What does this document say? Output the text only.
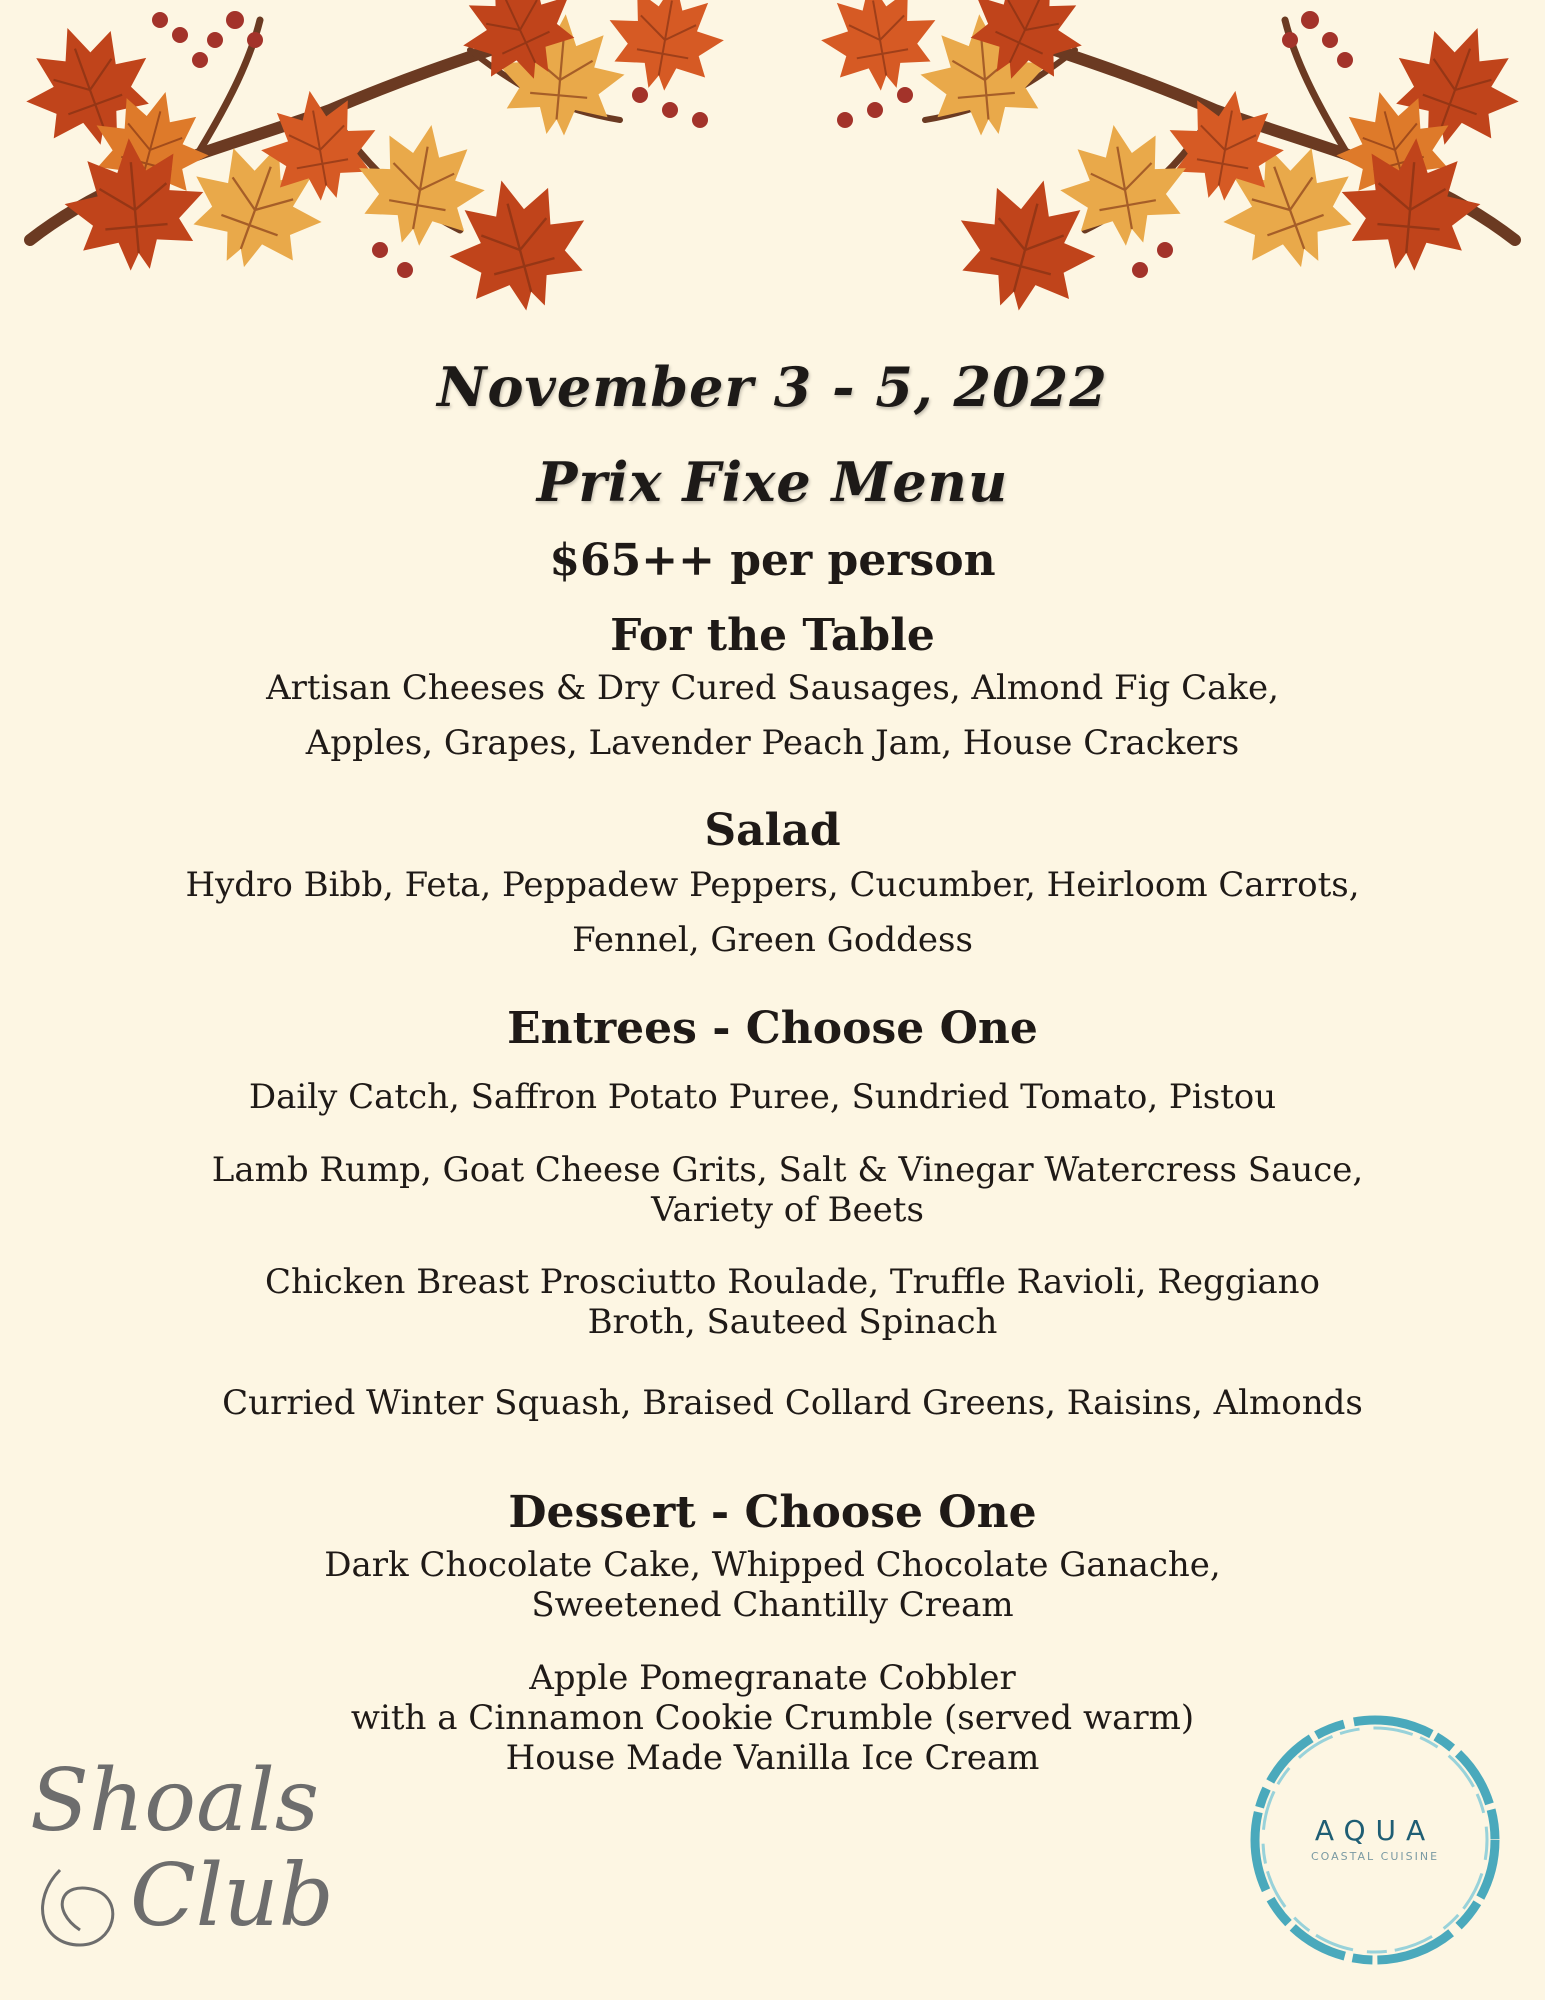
November 3 - 5, 2022
Prix Fixe Menu
$65++ per person
For the Table
Artisan Cheeses & Dry Cured Sausages, Almond Fig Cake,
Apples, Grapes, Lavender Peach Jam, House Crackers
Salad
Hydro Bibb, Feta, Peppadew Peppers, Cucumber, Heirloom Carrots,
Fennel, Green Goddess
Entrees - Choose One
Daily Catch, Saffron Potato Puree, Sundried Tomato, Pistou
Lamb Rump, Goat Cheese Grits, Salt & Vinegar Watercress Sauce,
Variety of Beets
Chicken Breast Prosciutto Roulade, Truffle Ravioli, Reggiano
Broth, Sauteed Spinach
Curried Winter Squash, Braised Collard Greens, Raisins, Almonds
Dessert - Choose One
Dark Chocolate Cake, Whipped Chocolate Ganache,
Sweetened Chantilly Cream
Apple Pomegranate Cobbler
with a Cinnamon Cookie Crumble (served warm)
House Made Vanilla Ice Cream
Shoals
Club
AQUA
COASTAL CUISINE
